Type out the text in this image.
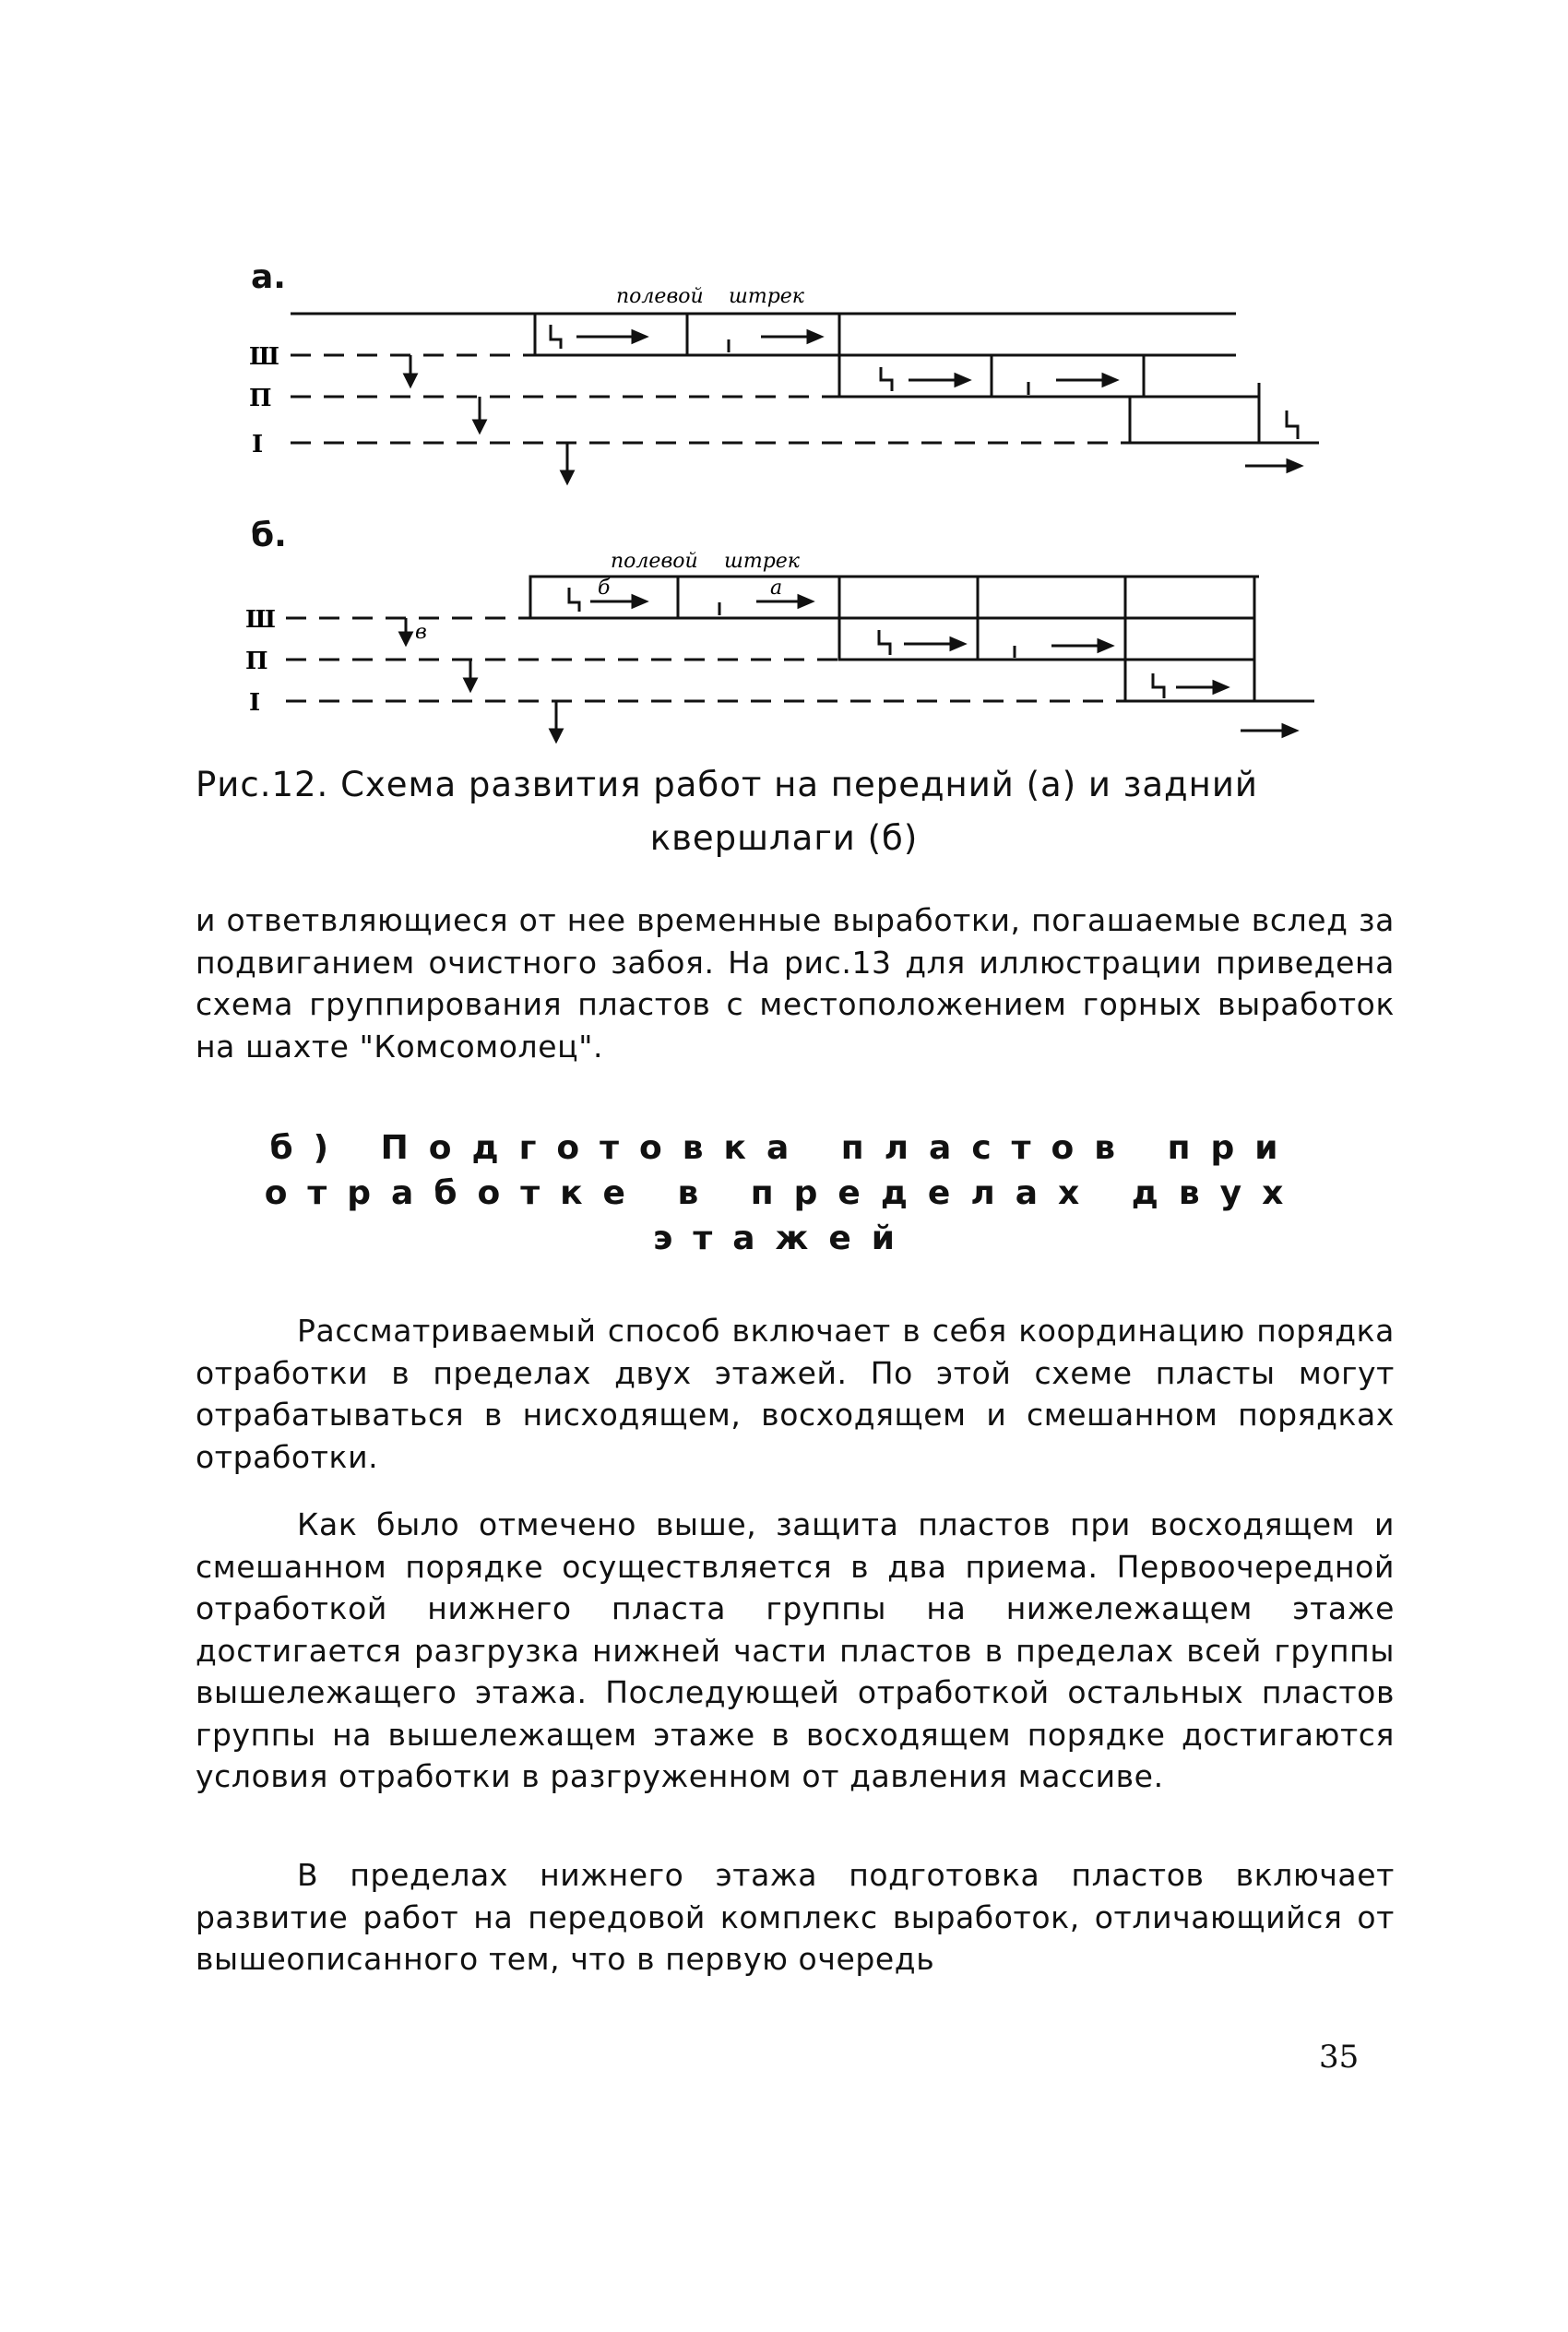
а.
полевой штрек
Ш
П
I
б.
полевой штрек
б	а
в
Ш
П
I
Рис.12. Схема развития работ на передний (а) и задний
квершлаги (б)

и ответвляющиеся от нее временные выработки, погашаемые вслед за подвиганием очистного забоя. На рис.13 для иллюстрации приведена схема группирования пластов с местоположением горных выработок на шахте "Комсомолец".

б) Подготовка пластов при
отработке в пределах двух
этажей

Рассматриваемый способ включает в себя координацию порядка отработки в пределах двух этажей. По этой схеме пласты могут отрабатываться в нисходящем, восходящем и смешанном порядках отработки.

Как было отмечено выше, защита пластов при восходящем и смешанном порядке осуществляется в два приема. Первоочередной отработкой нижнего пласта группы на нижележащем этаже достигается разгрузка нижней части пластов в пределах всей группы вышележащего этажа. Последующей отработкой остальных пластов группы на вышележащем этаже в восходящем порядке достигаются условия отработки в разгруженном от давления массиве.

В пределах нижнего этажа подготовка пластов включает развитие работ на передовой комплекс выработок, отличающийся от вышеописанного тем, что в первую очередь

35
